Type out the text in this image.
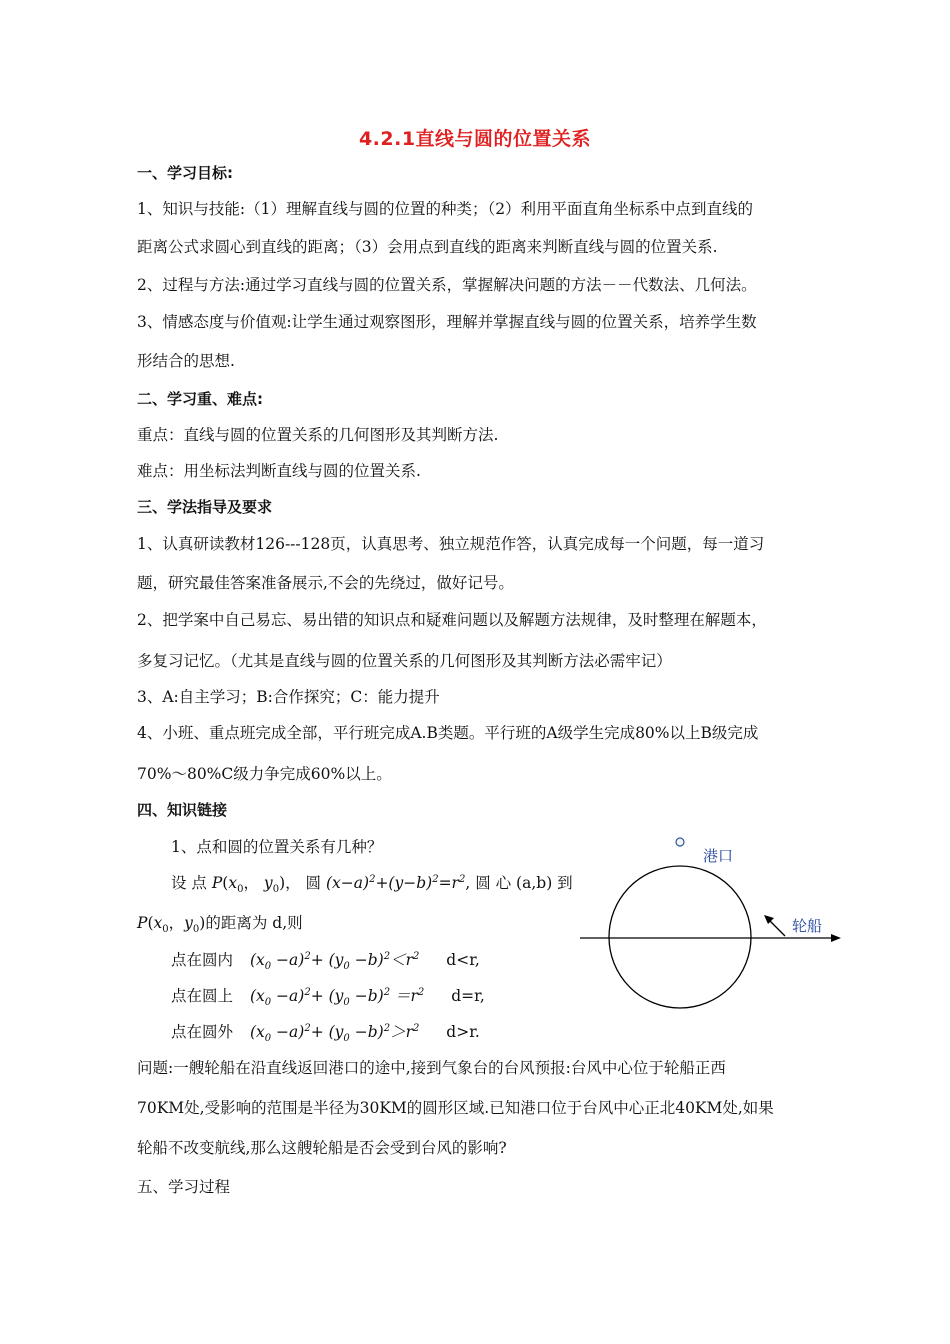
4.2.1直线与圆的位置关系
一、学习目标:
1、知识与技能:（1）理解直线与圆的位置的种类；（2）利用平面直角坐标系中点到直线的
距离公式求圆心到直线的距离；（3）会用点到直线的距离来判断直线与圆的位置关系.
2、过程与方法:通过学习直线与圆的位置关系，掌握解决问题的方法－－代数法、几何法。
3、情感态度与价值观:让学生通过观察图形，理解并掌握直线与圆的位置关系，培养学生数
形结合的思想.
二、学习重、难点:
重点：直线与圆的位置关系的几何图形及其判断方法.
难点：用坐标法判断直线与圆的位置关系.
三、学法指导及要求
1、认真研读教材126---128页，认真思考、独立规范作答，认真完成每一个问题，每一道习
题，研究最佳答案准备展示,不会的先绕过，做好记号。
2、把学案中自己易忘、易出错的知识点和疑难问题以及解题方法规律，及时整理在解题本，
多复习记忆。（尤其是直线与圆的位置关系的几何图形及其判断方法必需牢记）
3、A:自主学习；B:合作探究；C：能力提升
4、小班、重点班完成全部，平行班完成A.B类题。平行班的A级学生完成80%以上B级完成
70%～80%C级力争完成60%以上。
四、知识链接
1、点和圆的位置关系有几种？
设 点 $P(x_0$， $y_0$)， 圆 $(x-a)^2+(y-b)^2=r^2$, 圆 心 (a,b) 到
$P(x_0$，$y_0$)的距离为 d,则
点在圆内 $(x_0 -a)^2+ (y_0 -b)^2<r^2$ d<r,
点在圆上 $(x_0 -a)^2+ (y_0 -b)^2 =r^2$ d=r,
点在圆外 $(x_0 -a)^2+ (y_0 -b)^2>r^2$ d>r.
问题:一艘轮船在沿直线返回港口的途中,接到气象台的台风预报:台风中心位于轮船正西
70KM处,受影响的范围是半径为30KM的圆形区域.已知港口位于台风中心正北40KM处,如果
轮船不改变航线,那么这艘轮船是否会受到台风的影响?
五、学习过程
港口
轮船
